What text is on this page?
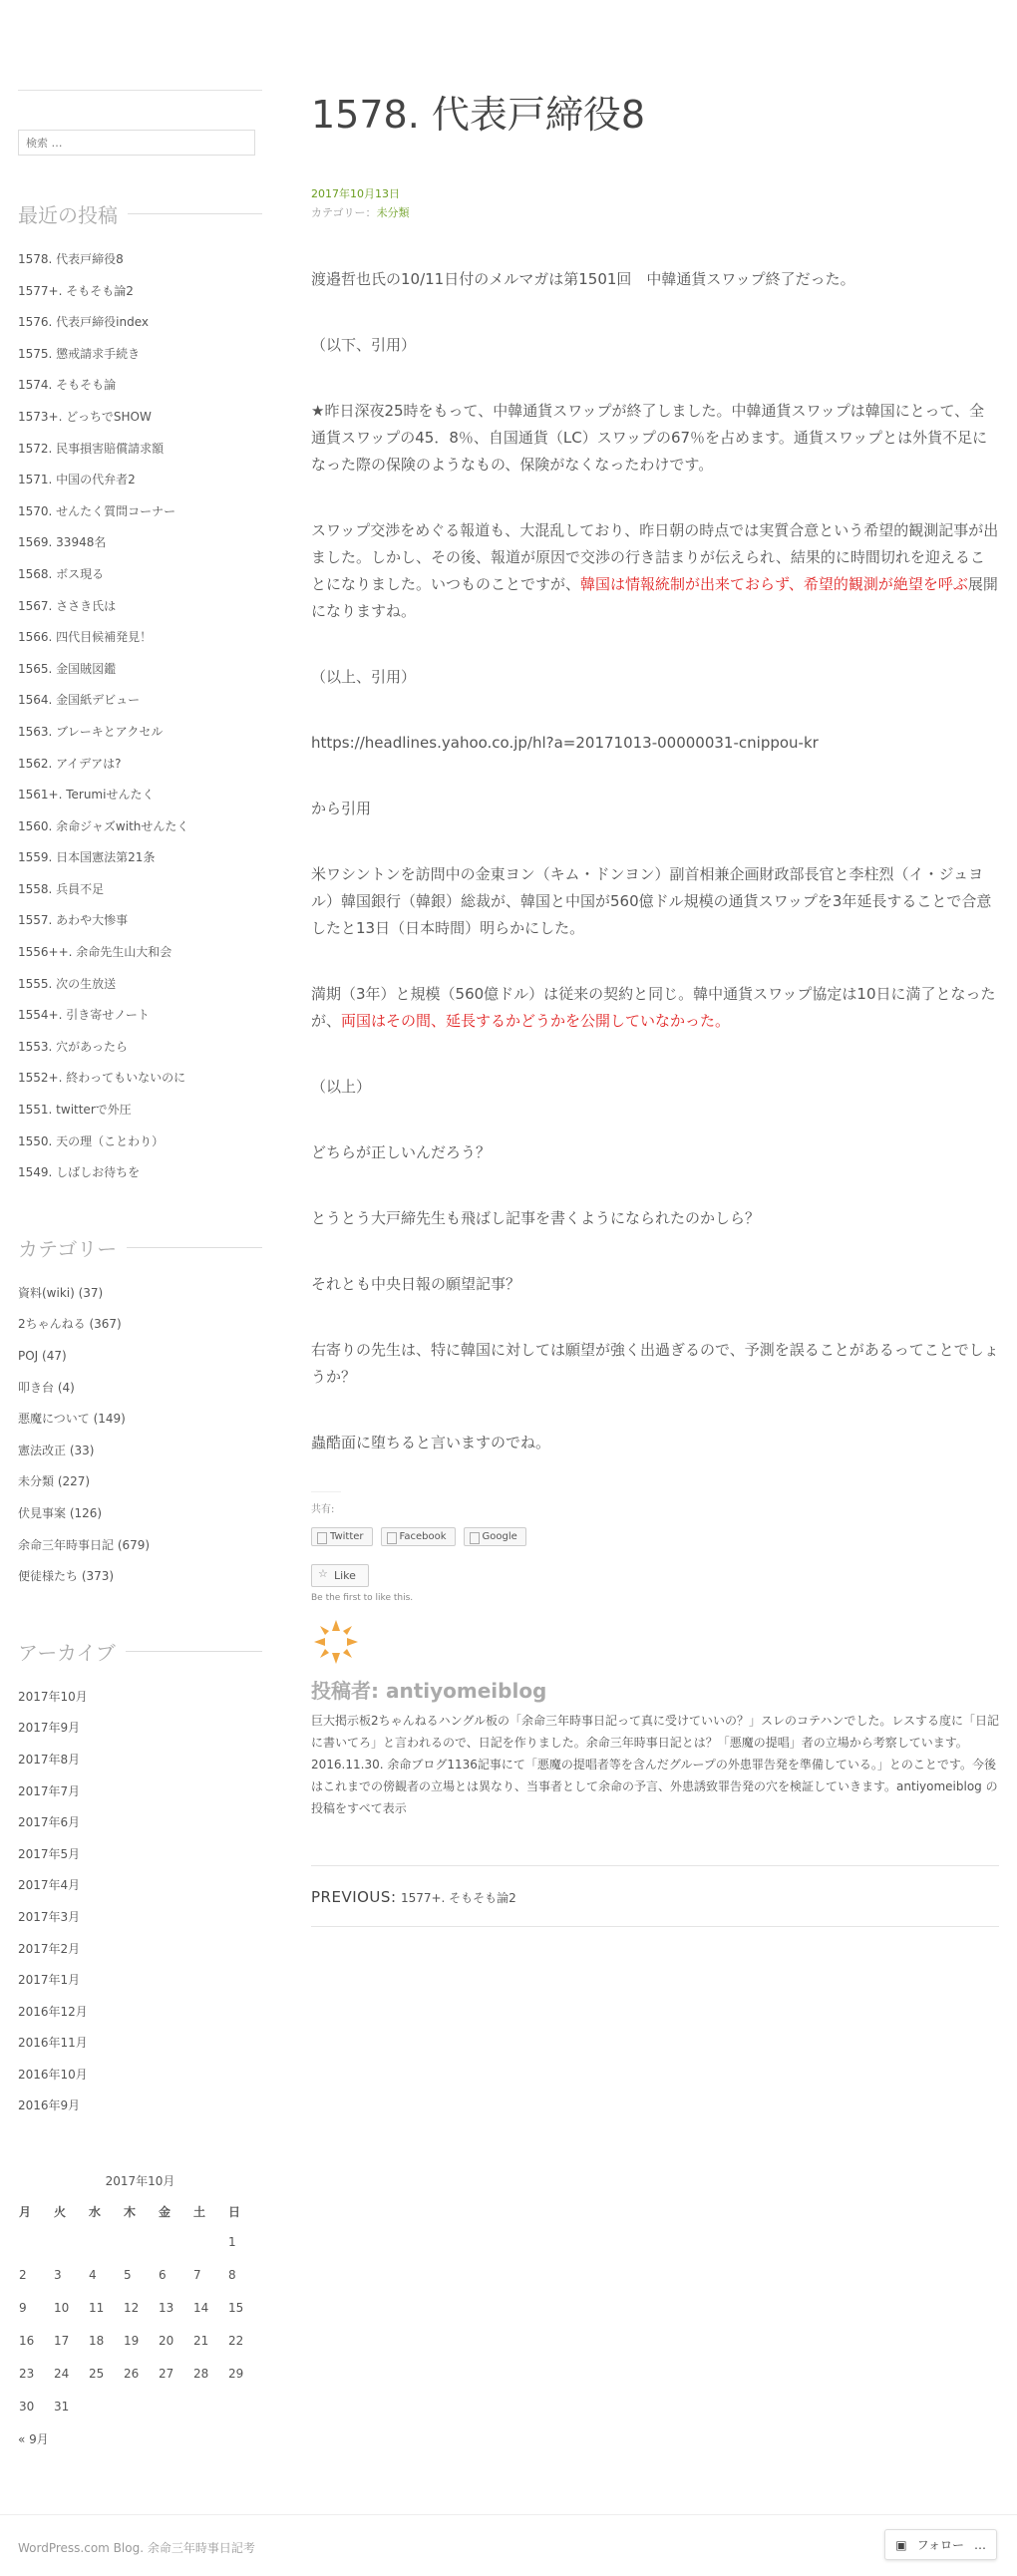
検索 …
最近の投稿
1578. 代表戸締役8
1577+. そもそも論2
1576. 代表戸締役index
1575. 懲戒請求手続き
1574. そもそも論
1573+. どっちでSHOW
1572. 民事損害賠償請求額
1571. 中国の代弁者2
1570. せんたく質問コーナー
1569. 33948名
1568. ボス現る
1567. ささき氏は
1566. 四代目候補発見！
1565. 金国賊図鑑
1564. 金国紙デビュー
1563. ブレーキとアクセル
1562. アイデアは?
1561+. Terumiせんたく
1560. 余命ジャズwithせんたく
1559. 日本国憲法第21条
1558. 兵員不足
1557. あわや大惨事
1556++. 余命先生山大和会
1555. 次の生放送
1554+. 引き寄せノート
1553. 穴があったら
1552+. 終わってもいないのに
1551. twitterで外圧
1550. 天の理（ことわり）
1549. しばしお待ちを
カテゴリー
資料(wiki) (37)
2ちゃんねる (367)
POJ (47)
叩き台 (4)
悪魔について (149)
憲法改正 (33)
未分類 (227)
伏見事案 (126)
余命三年時事日記 (679)
便徒様たち (373)
アーカイブ
2017年10月
2017年9月
2017年8月
2017年7月
2017年6月
2017年5月
2017年4月
2017年3月
2017年2月
2017年1月
2016年12月
2016年11月
2016年10月
2016年9月
2017年10月
月	火	水	木	金	土	日
						1
2	3	4	5	6	7	8
9	10	11	12	13	14	15
16	17	18	19	20	21	22
23	24	25	26	27	28	29
30	31					
« 9月
1578. 代表戸締役8
2017年10月13日
カテゴリー：未分類

渡邉哲也氏の10/11日付のメルマガは第1501回　中韓通貨スワップ終了だった。

（以下、引用）

★昨日深夜25時をもって、中韓通貨スワップが終了しました。中韓通貨スワップは韓国にとって、全通貨スワップの45．8％、自国通貨（LC）スワップの67％を占めます。通貨スワップとは外貨不足になった際の保険のようなもの、保険がなくなったわけです。

スワップ交渉をめぐる報道も、大混乱しており、昨日朝の時点では実質合意という希望的観測記事が出ました。しかし、その後、報道が原因で交渉の行き詰まりが伝えられ、結果的に時間切れを迎えることになりました。いつものことですが、韓国は情報統制が出来ておらず、希望的観測が絶望を呼ぶ展開になりますね。

（以上、引用）

https://headlines.yahoo.co.jp/hl?a=20171013-00000031-cnippou-kr

から引用

米ワシントンを訪問中の金東ヨン（キム・ドンヨン）副首相兼企画財政部長官と李柱烈（イ・ジュヨル）韓国銀行（韓銀）総裁が、韓国と中国が560億ドル規模の通貨スワップを3年延長することで合意したと13日（日本時間）明らかにした。

満期（3年）と規模（560億ドル）は従来の契約と同じ。韓中通貨スワップ協定は10日に満了となったが、両国はその間、延長するかどうかを公開していなかった。

（以上）

どちらが正しいんだろう？

とうとう大戸締先生も飛ばし記事を書くようになられたのかしら？

それとも中央日報の願望記事？

右寄りの先生は、特に韓国に対しては願望が強く出過ぎるので、予測を誤ることがあるってことでしょうか？

蟲酷面に堕ちると言いますのでね。

共有:
Twitter	Facebook	Google
☆ Like
Be the first to like this.
投稿者: antiyomeiblog
巨大掲示板2ちゃんねるハングル板の「余命三年時事日記って真に受けていいの？」スレのコテハンでした。レスする度に「日記に書いてろ」と言われるので、日記を作りました。余命三年時事日記とは？「悪魔の提唱」者の立場から考察しています。2016.11.30. 余命ブログ1136記事にて「悪魔の提唱者等を含んだグループの外患罪告発を準備している。」とのことです。今後はこれまでの傍観者の立場とは異なり、当事者として余命の予言、外患誘致罪告発の穴を検証していきます。antiyomeiblog の投稿をすべて表示
PREVIOUS: 1577+. そもそも論2
WordPress.com Blog. 余命三年時事日記考	▣ フォロー …
